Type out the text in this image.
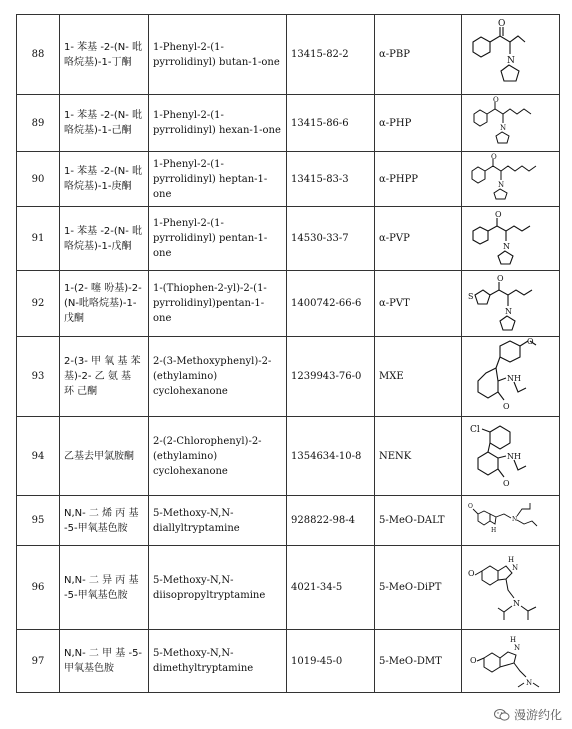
88	1- 苯基 -2-(N- 吡咯烷基)-1-丁酮	1-Phenyl-2-(1-pyrrolidinyl) butan-1-one	13415-82-2	α-PBP	O
N

89	1- 苯基 -2-(N- 吡咯烷基)-1-己酮	1-Phenyl-2-(1-pyrrolidinyl) hexan-1-one	13415-86-6	α-PHP	O
N

90	1- 苯基 -2-(N- 吡咯烷基)-1-庚酮	1-Phenyl-2-(1-pyrrolidinyl) heptan-1-one	13415-83-3	α-PHPP	O
N

91	1- 苯基 -2-(N- 吡咯烷基)-1-戊酮	1-Phenyl-2-(1-pyrrolidinyl) pentan-1-one	14530-33-7	α-PVP	O
N

92	1-(2- 噻 吩基)-2-(N-吡咯烷基)-1-戊酮	1-(Thiophen-2-yl)-2-(1-pyrrolidinyl)pentan-1-one	1400742-66-6	α-PVT	S
O
N

93	2-(3- 甲 氧 基 苯 基)-2- 乙 氨 基 环 己酮	2-(3-Methoxyphenyl)-2-(ethylamino) cyclohexanone	1239943-76-0	MXE	O
NH
O

94	乙基去甲氯胺酮	2-(2-Chlorophenyl)-2-(ethylamino) cyclohexanone	1354634-10-8	NENK	Cl
NH
O

95	N,N- 二 烯 丙 基 -5-甲氧基色胺	5-Methoxy-N,N-diallyltryptamine	928822-98-4	5-MeO-DALT	O
H
N

96	N,N- 二 异 丙 基 -5-甲氧基色胺	5-Methoxy-N,N-diisopropyltryptamine	4021-34-5	5-MeO-DiPT	O
H
N
N

97	N,N- 二 甲 基 -5-甲氧基色胺	5-Methoxy-N,N-dimethyltryptamine	1019-45-0	5-MeO-DMT	O
H
N
N
漫游约化
